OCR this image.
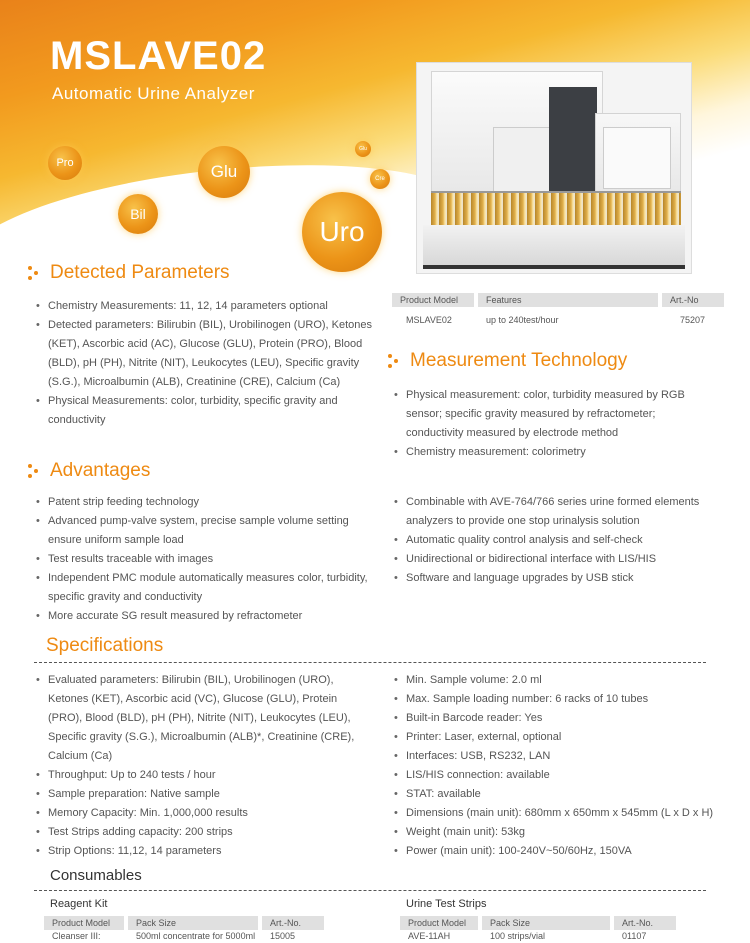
MSLAVE02
Automatic Urine Analyzer
Pro	Glu
Bil
Uro
Glu
Cre
Product Model	Features	Art.-No
MSLAVE02	up to 240test/hour	75207
Detected Parameters
• Chemistry Measurements: 11, 12, 14 parameters optional
• Detected parameters: Bilirubin (BIL), Urobilinogen (URO), Ketones (KET), Ascorbic acid (AC), Glucose (GLU), Protein (PRO), Blood (BLD), pH (PH), Nitrite (NIT), Leukocytes (LEU), Specific gravity (S.G.), Microalbumin (ALB), Creatinine (CRE), Calcium (Ca)
• Physical Measurements: color, turbidity, specific gravity and conductivity
Measurement Technology
• Physical measurement: color, turbidity measured by RGB sensor; specific gravity measured by refractometer; conductivity measured by electrode method
• Chemistry measurement: colorimetry
Advantages
• Patent strip feeding technology
• Advanced pump-valve system, precise sample volume setting ensure uniform sample load
• Test results traceable with images
• Independent PMC module automatically measures color, turbidity, specific gravity and conductivity
• More accurate SG result measured by refractometer
• Combinable with AVE-764/766 series urine formed elements analyzers to provide one stop urinalysis solution
• Automatic quality control analysis and self-check
• Unidirectional or bidirectional interface with LIS/HIS
• Software and language upgrades by USB stick
Specifications
• Evaluated parameters: Bilirubin (BIL), Urobilinogen (URO), Ketones (KET), Ascorbic acid (VC), Glucose (GLU), Protein (PRO), Blood (BLD), pH (PH), Nitrite (NIT), Leukocytes (LEU), Specific gravity (S.G.), Microalbumin (ALB)*, Creatinine (CRE), Calcium (Ca)
• Throughput: Up to 240 tests / hour
• Sample preparation: Native sample
• Memory Capacity: Min. 1,000,000 results
• Test Strips adding capacity: 200 strips
• Strip Options: 11,12, 14 parameters
• Min. Sample volume: 2.0 ml
• Max. Sample loading number: 6 racks of 10 tubes
• Built-in Barcode reader: Yes
• Printer: Laser, external, optional
• Interfaces: USB, RS232, LAN
• LIS/HIS connection: available
• STAT: available
• Dimensions (main unit): 680mm x 650mm x 545mm (L x D x H)
• Weight (main unit): 53kg
• Power (main unit): 100-240V~50/60Hz, 150VA
Consumables
Reagent Kit
Product Model	Pack Size	Art.-No.
Cleanser III:	500ml concentrate for 5000ml	15005
Urine Test Strips
Product Model	Pack Size	Art.-No.
AVE-11AH	100 strips/vial	01107
